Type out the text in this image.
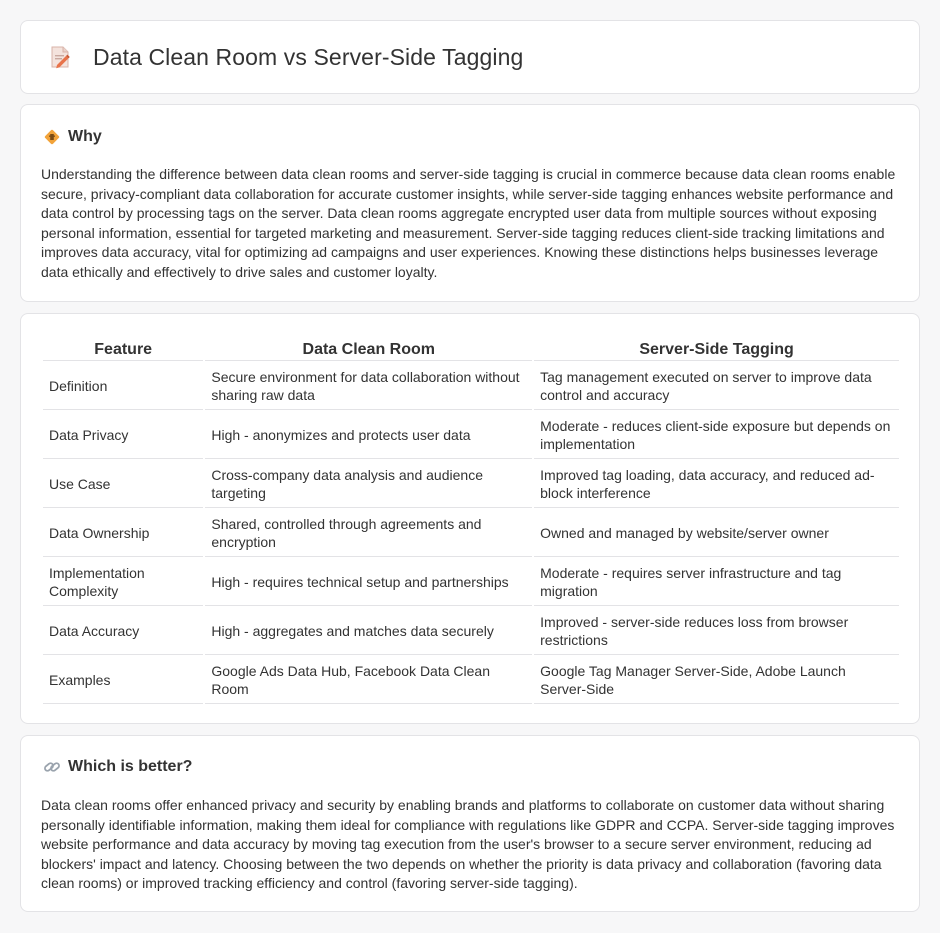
Data Clean Room vs Server-Side Tagging
Why

Understanding the difference between data clean rooms and server-side tagging is crucial in commerce because data clean rooms enable secure, privacy-compliant data collaboration for accurate customer insights, while server-side tagging enhances website performance and data control by processing tags on the server. Data clean rooms aggregate encrypted user data from multiple sources without exposing personal information, essential for targeted marketing and measurement. Server-side tagging reduces client-side tracking limitations and improves data accuracy, vital for optimizing ad campaigns and user experiences. Knowing these distinctions helps businesses leverage data ethically and effectively to drive sales and customer loyalty.

Feature	Data Clean Room	Server-Side Tagging
Definition	Secure environment for data collaboration without sharing raw data	Tag management executed on server to improve data control and accuracy
Data Privacy	High - anonymizes and protects user data	Moderate - reduces client-side exposure but depends on implementation
Use Case	Cross-company data analysis and audience targeting	Improved tag loading, data accuracy, and reduced ad-block interference
Data Ownership	Shared, controlled through agreements and encryption	Owned and managed by website/server owner
Implementation Complexity	High - requires technical setup and partnerships	Moderate - requires server infrastructure and tag migration
Data Accuracy	High - aggregates and matches data securely	Improved - server-side reduces loss from browser restrictions
Examples	Google Ads Data Hub, Facebook Data Clean Room	Google Tag Manager Server-Side, Adobe Launch Server-Side
Which is better?

Data clean rooms offer enhanced privacy and security by enabling brands and platforms to collaborate on customer data without sharing personally identifiable information, making them ideal for compliance with regulations like GDPR and CCPA. Server-side tagging improves website performance and data accuracy by moving tag execution from the user's browser to a secure server environment, reducing ad blockers' impact and latency. Choosing between the two depends on whether the priority is data privacy and collaboration (favoring data clean rooms) or improved tracking efficiency and control (favoring server-side tagging).
